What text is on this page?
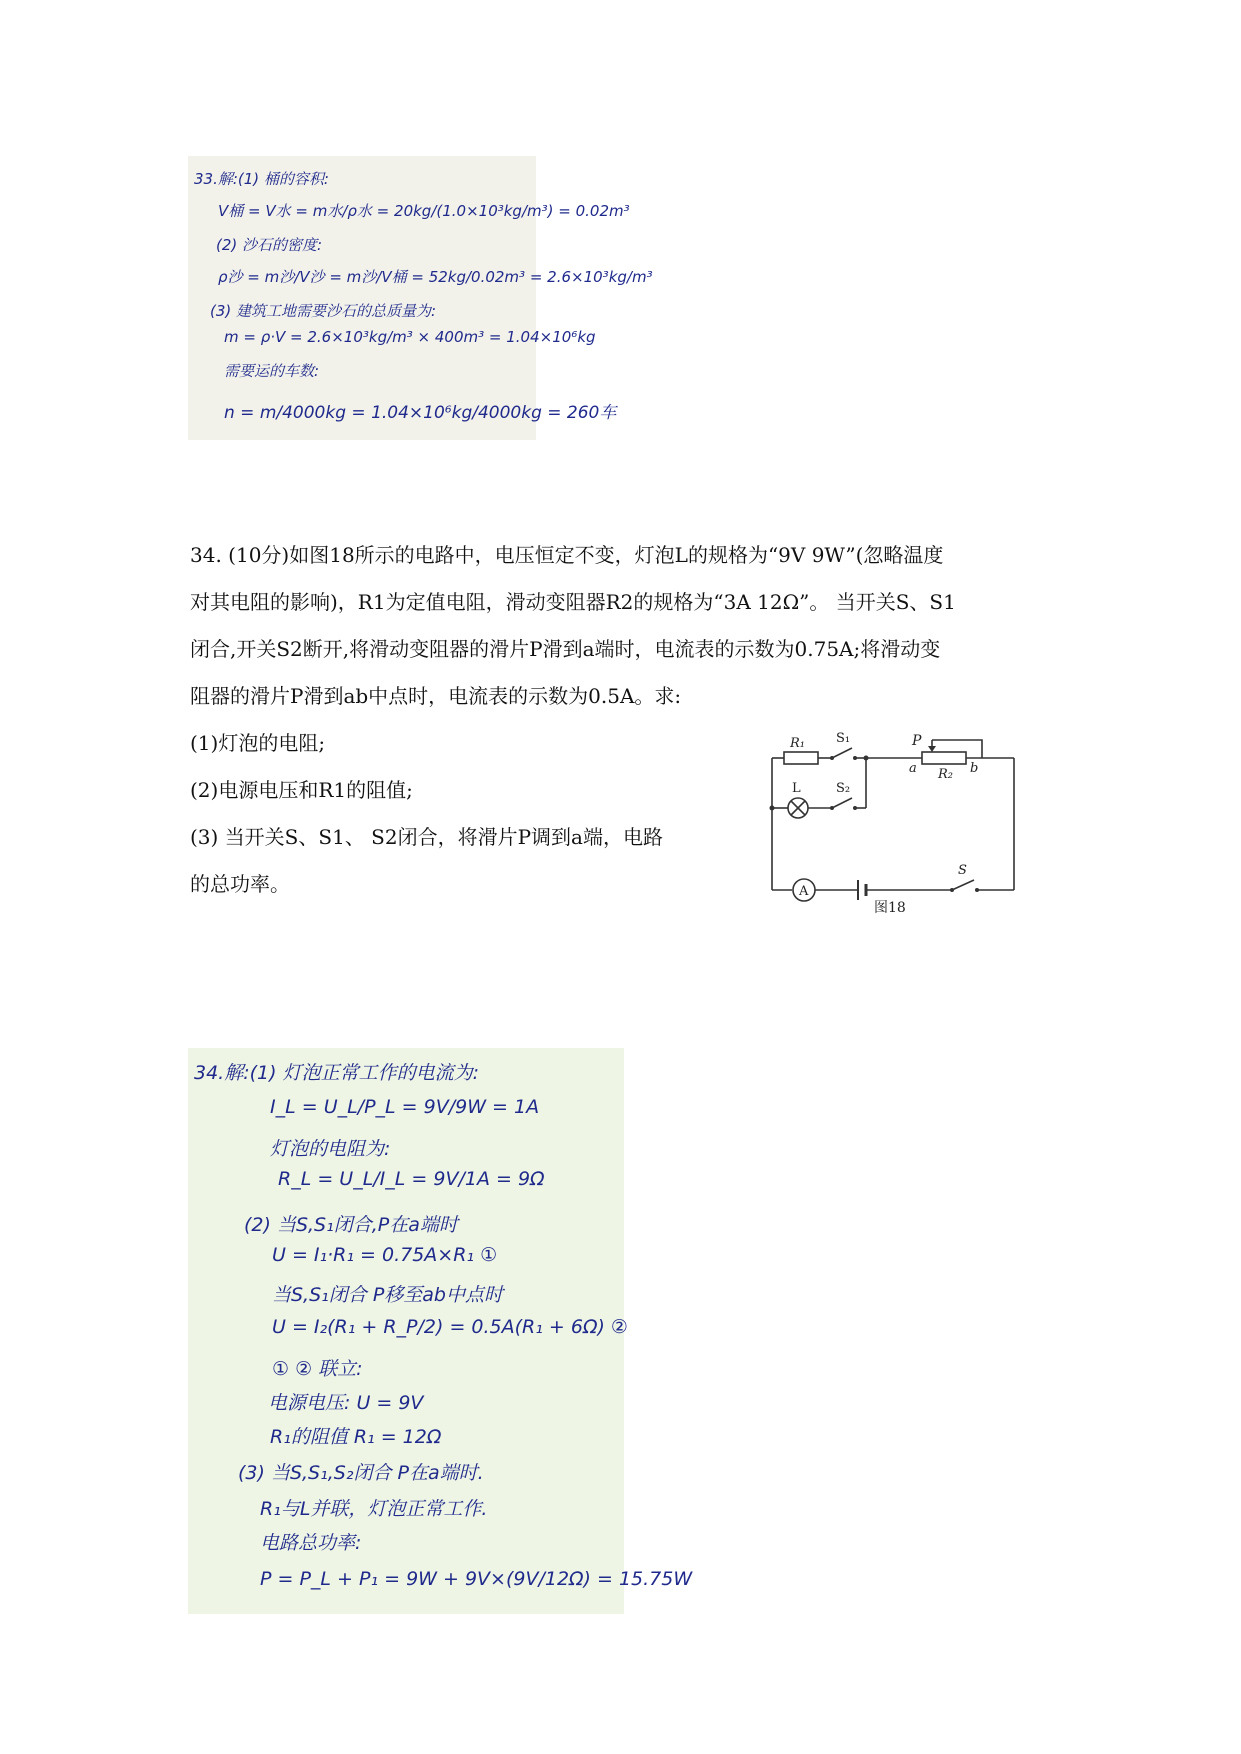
33.解:(1) 桶的容积:
V桶 = V水 = m水/ρ水 = 20kg/(1.0×10³kg/m³) = 0.02m³
(2) 沙石的密度:
ρ沙 = m沙/V沙 = m沙/V桶 = 52kg/0.02m³ = 2.6×10³kg/m³
(3) 建筑工地需要沙石的总质量为:
m = ρ·V = 2.6×10³kg/m³ × 400m³ = 1.04×10⁶kg
需要运的车数:
n = m/4000kg = 1.04×10⁶kg/4000kg = 260车
34. (10分)如图18所示的电路中，电压恒定不变，灯泡L的规格为“9V 9W”(忽略温度
对其电阻的影响)，R1为定值电阻，滑动变阻器R2的规格为“3A 12Ω”。 当开关S、S1
闭合,开关S2断开,将滑动变阻器的滑片P滑到a端时，电流表的示数为0.75A;将滑动变
阻器的滑片P滑到ab中点时，电流表的示数为0.5A。求:
(1)灯泡的电阻;
(2)电源电压和R1的阻值;
(3) 当开关S、S1、 S2闭合，将滑片P调到a端，电路
的总功率。
R₁ S₁	P
a R₂ b
L	S₂
A
S
图18
34.解:(1) 灯泡正常工作的电流为:
I_L = U_L/P_L = 9V/9W = 1A
灯泡的电阻为:
R_L = U_L/I_L = 9V/1A = 9Ω
(2) 当S,S₁闭合,P在a端时
U = I₁·R₁ = 0.75A×R₁ ①
当S,S₁闭合 P移至ab中点时
U = I₂(R₁ + R_P/2) = 0.5A(R₁ + 6Ω) ②
① ② 联立:
电源电压: U = 9V
R₁的阻值 R₁ = 12Ω
(3) 当S,S₁,S₂闭合 P在a端时.
R₁与L并联，灯泡正常工作.
电路总功率:
P = P_L + P₁ = 9W + 9V×(9V/12Ω) = 15.75W
